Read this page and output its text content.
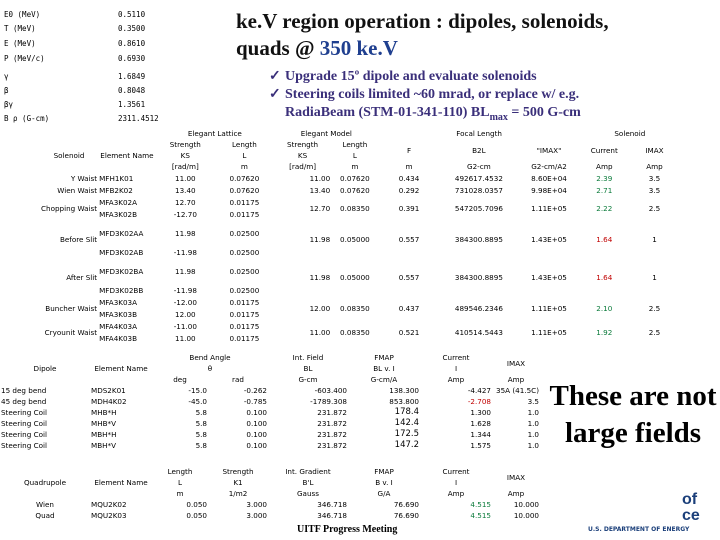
ke.V region operation : dipoles, solenoids,
quads @ 350 ke.V
✓ Upgrade 15º dipole and evaluate solenoids
✓ Steering coils limited ~60 mrad, or replace w/ e.g.
RadiaBeam (STM-01-341-110) $BL_{max} = 500$ G-cm
E0 (MeV)	0.5110
T (MeV)	0.3500
E (MeV)	0.8610
P (MeV/c)	0.6930
γ	1.6849
β	0.8048
βγ	1.3561
B ρ (G-cm)	2311.4512
		Elegant Lattice		Elegant Model		Focal Length			Solenoid	
Solenoid	Element Name	Strength	Length	Strength	Length	F	B2L	"IMAX"	Current	IMAX
		KS	L	KS	L					
		[rad/m]	m	[rad/m]	m	m	G2-cm	G2-cm/A2	Amp	Amp
Y Waist	MFH1K01	11.00	0.07620	11.00	0.07620	0.434	492617.4532	8.60E+04	2.39	3.5
Wien Waist	MFB2K02	13.40	0.07620	13.40	0.07620	0.292	731028.0357	9.98E+04	2.71	3.5
Chopping Waist	MFA3K02A	12.70	0.01175	12.70	0.08350	0.391	547205.7096	1.11E+05	2.22	2.5
	MFA3K02B	-12.70	0.01175							
Before Slit	MFD3K02AA	11.98	0.02500	11.98	0.05000	0.557	384300.8895	1.43E+05	1.64	1
	MFD3K02AB	-11.98	0.02500							
After Slit	MFD3K02BA	11.98	0.02500	11.98	0.05000	0.557	384300.8895	1.43E+05	1.64	1
	MFD3K02BB	-11.98	0.02500							
Buncher Waist	MFA3K03A	-12.00	0.01175	12.00	0.08350	0.437	489546.2346	1.11E+05	2.10	2.5
	MFA3K03B	12.00	0.01175							
Cryounit Waist	MFA4K03A	-11.00	0.01175	11.00	0.08350	0.521	410514.5443	1.11E+05	1.92	2.5
	MFA4K03B	11.00	0.01175							
Dipole	Element Name	Bend Angle		Int. Field	FMAP	Current	IMAX
		θ		BL	BL v. I	I	
		deg	rad	G-cm	G-cm/A	Amp	Amp
15 deg bend	MDS2K01	-15.0	-0.262	-603.400	138.300	-4.427	35A (41.5C)
45 deg bend	MDH4K02	-45.0	-0.785	-1789.308	853.800	-2.708	3.5
Steering Coil	MHB*H	5.8	0.100	231.872	178.4	1.300	1.0
Steering Coil	MHB*V	5.8	0.100	231.872	142.4	1.628	1.0
Steering Coil	MBH*H	5.8	0.100	231.872	172.5	1.344	1.0
Steering Coil	MBH*V	5.8	0.100	231.872	147.2	1.575	1.0
Quadrupole	Element Name	Length	Strength	Int. Gradient	FMAP	Current	IMAX
		L	K1	B'L	B v. I	I	
		m	1/m2	Gauss	G/A	Amp	Amp
Wien	MQU2K02	0.050	3.000	346.718	76.690	4.515	10.000
Quad	MQU2K03	0.050	3.000	346.718	76.690	4.515	10.000
These are not large fields
of ce
UITF Progress Meeting	U.S. DEPARTMENT OF ENERGY
